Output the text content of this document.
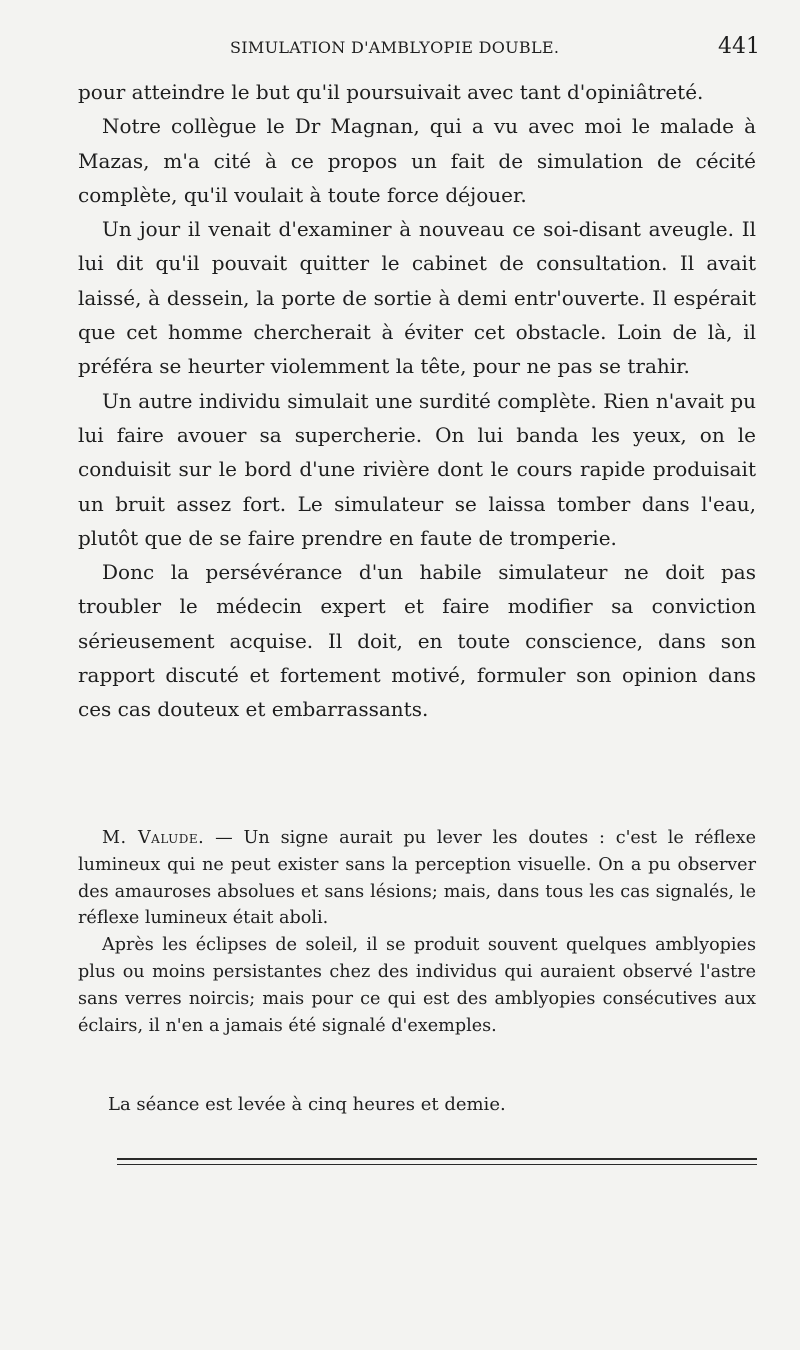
SIMULATION D'AMBLYOPIE DOUBLE.	441

pour atteindre le but qu'il poursuivait avec tant d'opiniâtreté.

Notre collègue le Dr Magnan, qui a vu avec moi le malade à Mazas, m'a cité à ce propos un fait de simulation de cécité complète, qu'il voulait à toute force déjouer.

Un jour il venait d'examiner à nouveau ce soi-disant aveugle. Il lui dit qu'il pouvait quitter le cabinet de consultation. Il avait laissé, à dessein, la porte de sortie à demi entr'ouverte. Il espérait que cet homme chercherait à éviter cet obstacle. Loin de là, il préféra se heurter violemment la tête, pour ne pas se trahir.

Un autre individu simulait une surdité complète. Rien n'avait pu lui faire avouer sa supercherie. On lui banda les yeux, on le conduisit sur le bord d'une rivière dont le cours rapide produisait un bruit assez fort. Le simulateur se laissa tomber dans l'eau, plutôt que de se faire prendre en faute de tromperie.

Donc la persévérance d'un habile simulateur ne doit pas troubler le médecin expert et faire modifier sa conviction sérieusement acquise. Il doit, en toute conscience, dans son rapport discuté et fortement motivé, formuler son opinion dans ces cas douteux et embarrassants.

M. Valude. — Un signe aurait pu lever les doutes : c'est le réflexe lumineux qui ne peut exister sans la perception visuelle. On a pu observer des amauroses absolues et sans lésions; mais, dans tous les cas signalés, le réflexe lumineux était aboli.

Après les éclipses de soleil, il se produit souvent quelques amblyopies plus ou moins persistantes chez des individus qui auraient observé l'astre sans verres noircis; mais pour ce qui est des amblyopies consécutives aux éclairs, il n'en a jamais été signalé d'exemples.

La séance est levée à cinq heures et demie.
